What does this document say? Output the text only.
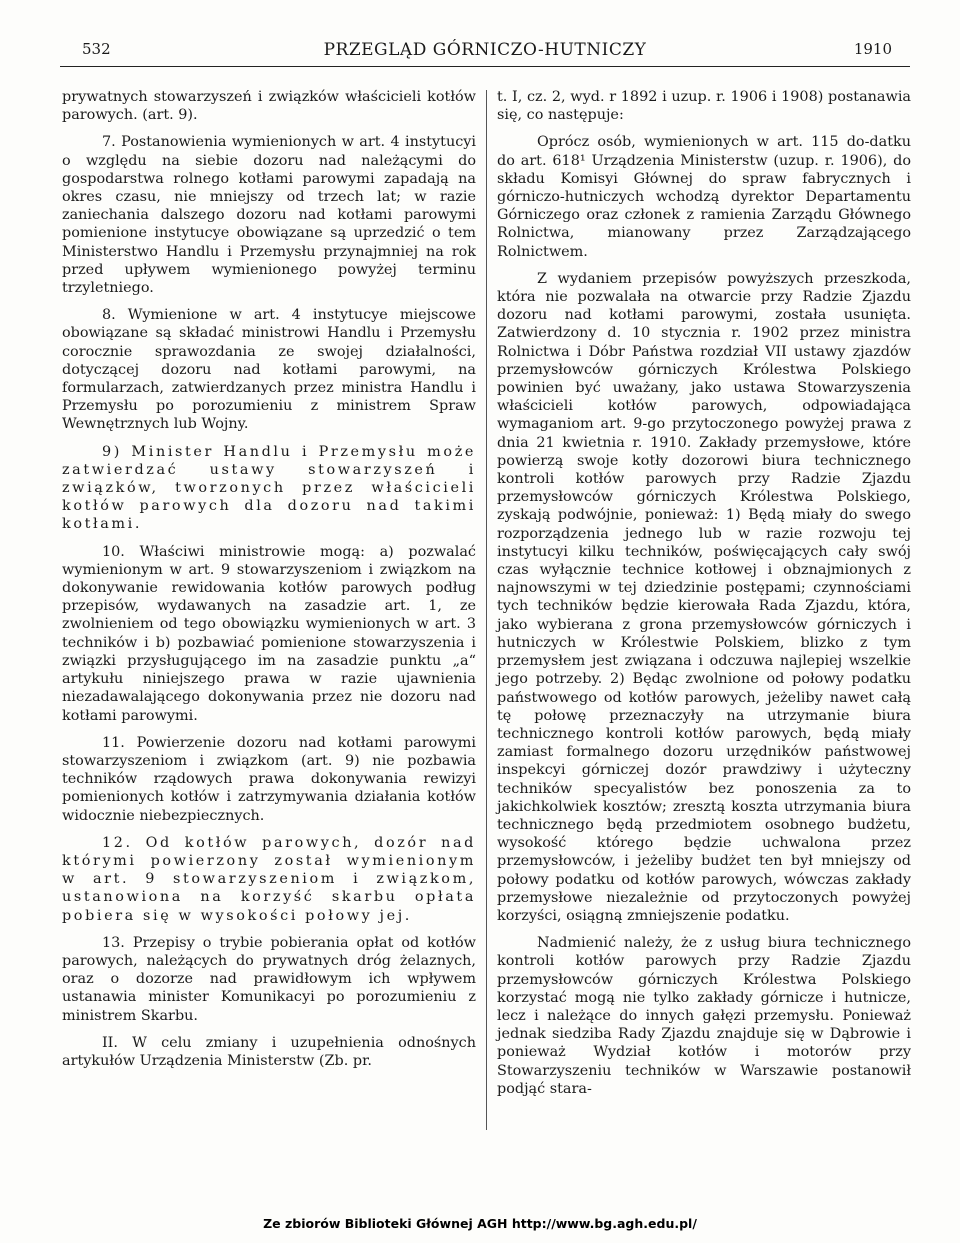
532	PRZEGLĄD GÓRNICZO-HUTNICZY	1910

prywatnych stowarzyszeń i związków właścicieli kotłów parowych. (art. 9).

7. Postanowienia wymienionych w art. 4 instytucyi o względu na siebie dozoru nad należącymi do gospodarstwa rolnego kotłami parowymi zapadają na okres czasu, nie mniejszy od trzech lat; w razie zaniechania dalszego dozoru nad kotłami parowymi pomienione instytucye obowiązane są uprzedzić o tem Ministerstwo Handlu i Przemysłu przynajmniej na rok przed upływem wymienionego powyżej terminu trzyletniego.

8. Wymienione w art. 4 instytucye miejscowe obowiązane są składać ministrowi Handlu i Przemysłu corocznie sprawozdania ze swojej działalności, dotyczącej dozoru nad kotłami parowymi, na formularzach, zatwierdzanych przez ministra Handlu i Przemysłu po porozumieniu z ministrem Spraw Wewnętrznych lub Wojny.

9) Minister Handlu i Przemysłu może zatwierdzać ustawy stowarzyszeń i związków, tworzonych przez właścicieli kotłów parowych dla dozoru nad takimi kotłami.

10. Właściwi ministrowie mogą: a) pozwalać wymienionym w art. 9 stowarzyszeniom i związkom na dokonywanie rewidowania kotłów parowych podług przepisów, wydawanych na zasadzie art. 1, ze zwolnieniem od tego obowiązku wymienionych w art. 3 techników i b) pozbawiać pomienione stowarzyszenia i związki przysługującego im na zasadzie punktu „a“ artykułu niniejszego prawa w razie ujawnienia niezadawalającego dokonywania przez nie dozoru nad kotłami parowymi.

11. Powierzenie dozoru nad kotłami parowymi stowarzyszeniom i związkom (art. 9) nie pozbawia techników rządowych prawa dokonywania rewizyi pomienionych kotłów i zatrzymywania działania kotłów widocznie niebezpiecznych.

12. Od kotłów parowych, dozór nad którymi powierzony został wymienionym w art. 9 stowarzyszeniom i związkom, ustanowiona na korzyść skarbu opłata pobiera się w wysokości połowy jej.

13. Przepisy o trybie pobierania opłat od kotłów parowych, należących do prywatnych dróg żelaznych, oraz o dozorze nad prawidłowym ich wpływem ustanawia minister Komunikacyi po porozumieniu z ministrem Skarbu.

II. W celu zmiany i uzupełnienia odnośnych artykułów Urządzenia Ministerstw (Zb. pr.

t. I, cz. 2, wyd. r 1892 i uzup. r. 1906 i 1908) postanawia się, co następuje:

Oprócz osób, wymienionych w art. 115 do-datku do art. 618¹ Urządzenia Ministerstw (uzup. r. 1906), do składu Komisyi Głównej do spraw fabrycznych i górniczo-hutniczych wchodzą dyrektor Departamentu Górniczego oraz członek z ramienia Zarządu Głównego Rolnictwa, mianowany przez Zarządzającego Rolnictwem.

Z wydaniem przepisów powyższych przeszkoda, która nie pozwalała na otwarcie przy Radzie Zjazdu dozoru nad kotłami parowymi, została usunięta. Zatwierdzony d. 10 stycznia r. 1902 przez ministra Rolnictwa i Dóbr Państwa rozdział VII ustawy zjazdów przemysłowców górniczych Królestwa Polskiego powinien być uważany, jako ustawa Stowarzyszenia właścicieli kotłów parowych, odpowiadająca wymaganiom art. 9-go przytoczonego powyżej prawa z dnia 21 kwietnia r. 1910. Zakłady przemysłowe, które powierzą swoje kotły dozorowi biura technicznego kontroli kotłów parowych przy Radzie Zjazdu przemysłowców górniczych Królestwa Polskiego, zyskają podwójnie, ponieważ: 1) Będą miały do swego rozporządzenia jednego lub w razie rozwoju tej instytucyi kilku techników, poświęcających cały swój czas wyłącznie technice kotłowej i obznajmionych z najnowszymi w tej dziedzinie postępami; czynnościami tych techników będzie kierowała Rada Zjazdu, która, jako wybierana z grona przemysłowców górniczych i hutniczych w Królestwie Polskiem, blizko z tym przemysłem jest związana i odczuwa najlepiej wszelkie jego potrzeby. 2) Będąc zwolnione od połowy podatku państwowego od kotłów parowych, jeżeliby nawet całą tę połowę przeznaczyły na utrzymanie biura technicznego kontroli kotłów parowych, będą miały zamiast formalnego dozoru urzędników państwowej inspekcyi górniczej dozór prawdziwy i użyteczny techników specyalistów bez ponoszenia za to jakichkolwiek kosztów; zresztą koszta utrzymania biura technicznego będą przedmiotem osobnego budżetu, wysokość którego będzie uchwalona przez przemysłowców, i jeżeliby budżet ten był mniejszy od połowy podatku od kotłów parowych, wówczas zakłady przemysłowe niezależnie od przytoczonych powyżej korzyści, osiągną zmniejszenie podatku.

Nadmienić należy, że z usług biura technicznego kontroli kotłów parowych przy Radzie Zjazdu przemysłowców górniczych Królestwa Polskiego korzystać mogą nie tylko zakłady górnicze i hutnicze, lecz i należące do innych gałęzi przemysłu. Ponieważ jednak siedziba Rady Zjazdu znajduje się w Dąbrowie i ponieważ Wydział kotłów i motorów przy Stowarzyszeniu techników w Warszawie postanowił podjąć stara-

Ze zbiorów Biblioteki Głównej AGH http://www.bg.agh.edu.pl/
